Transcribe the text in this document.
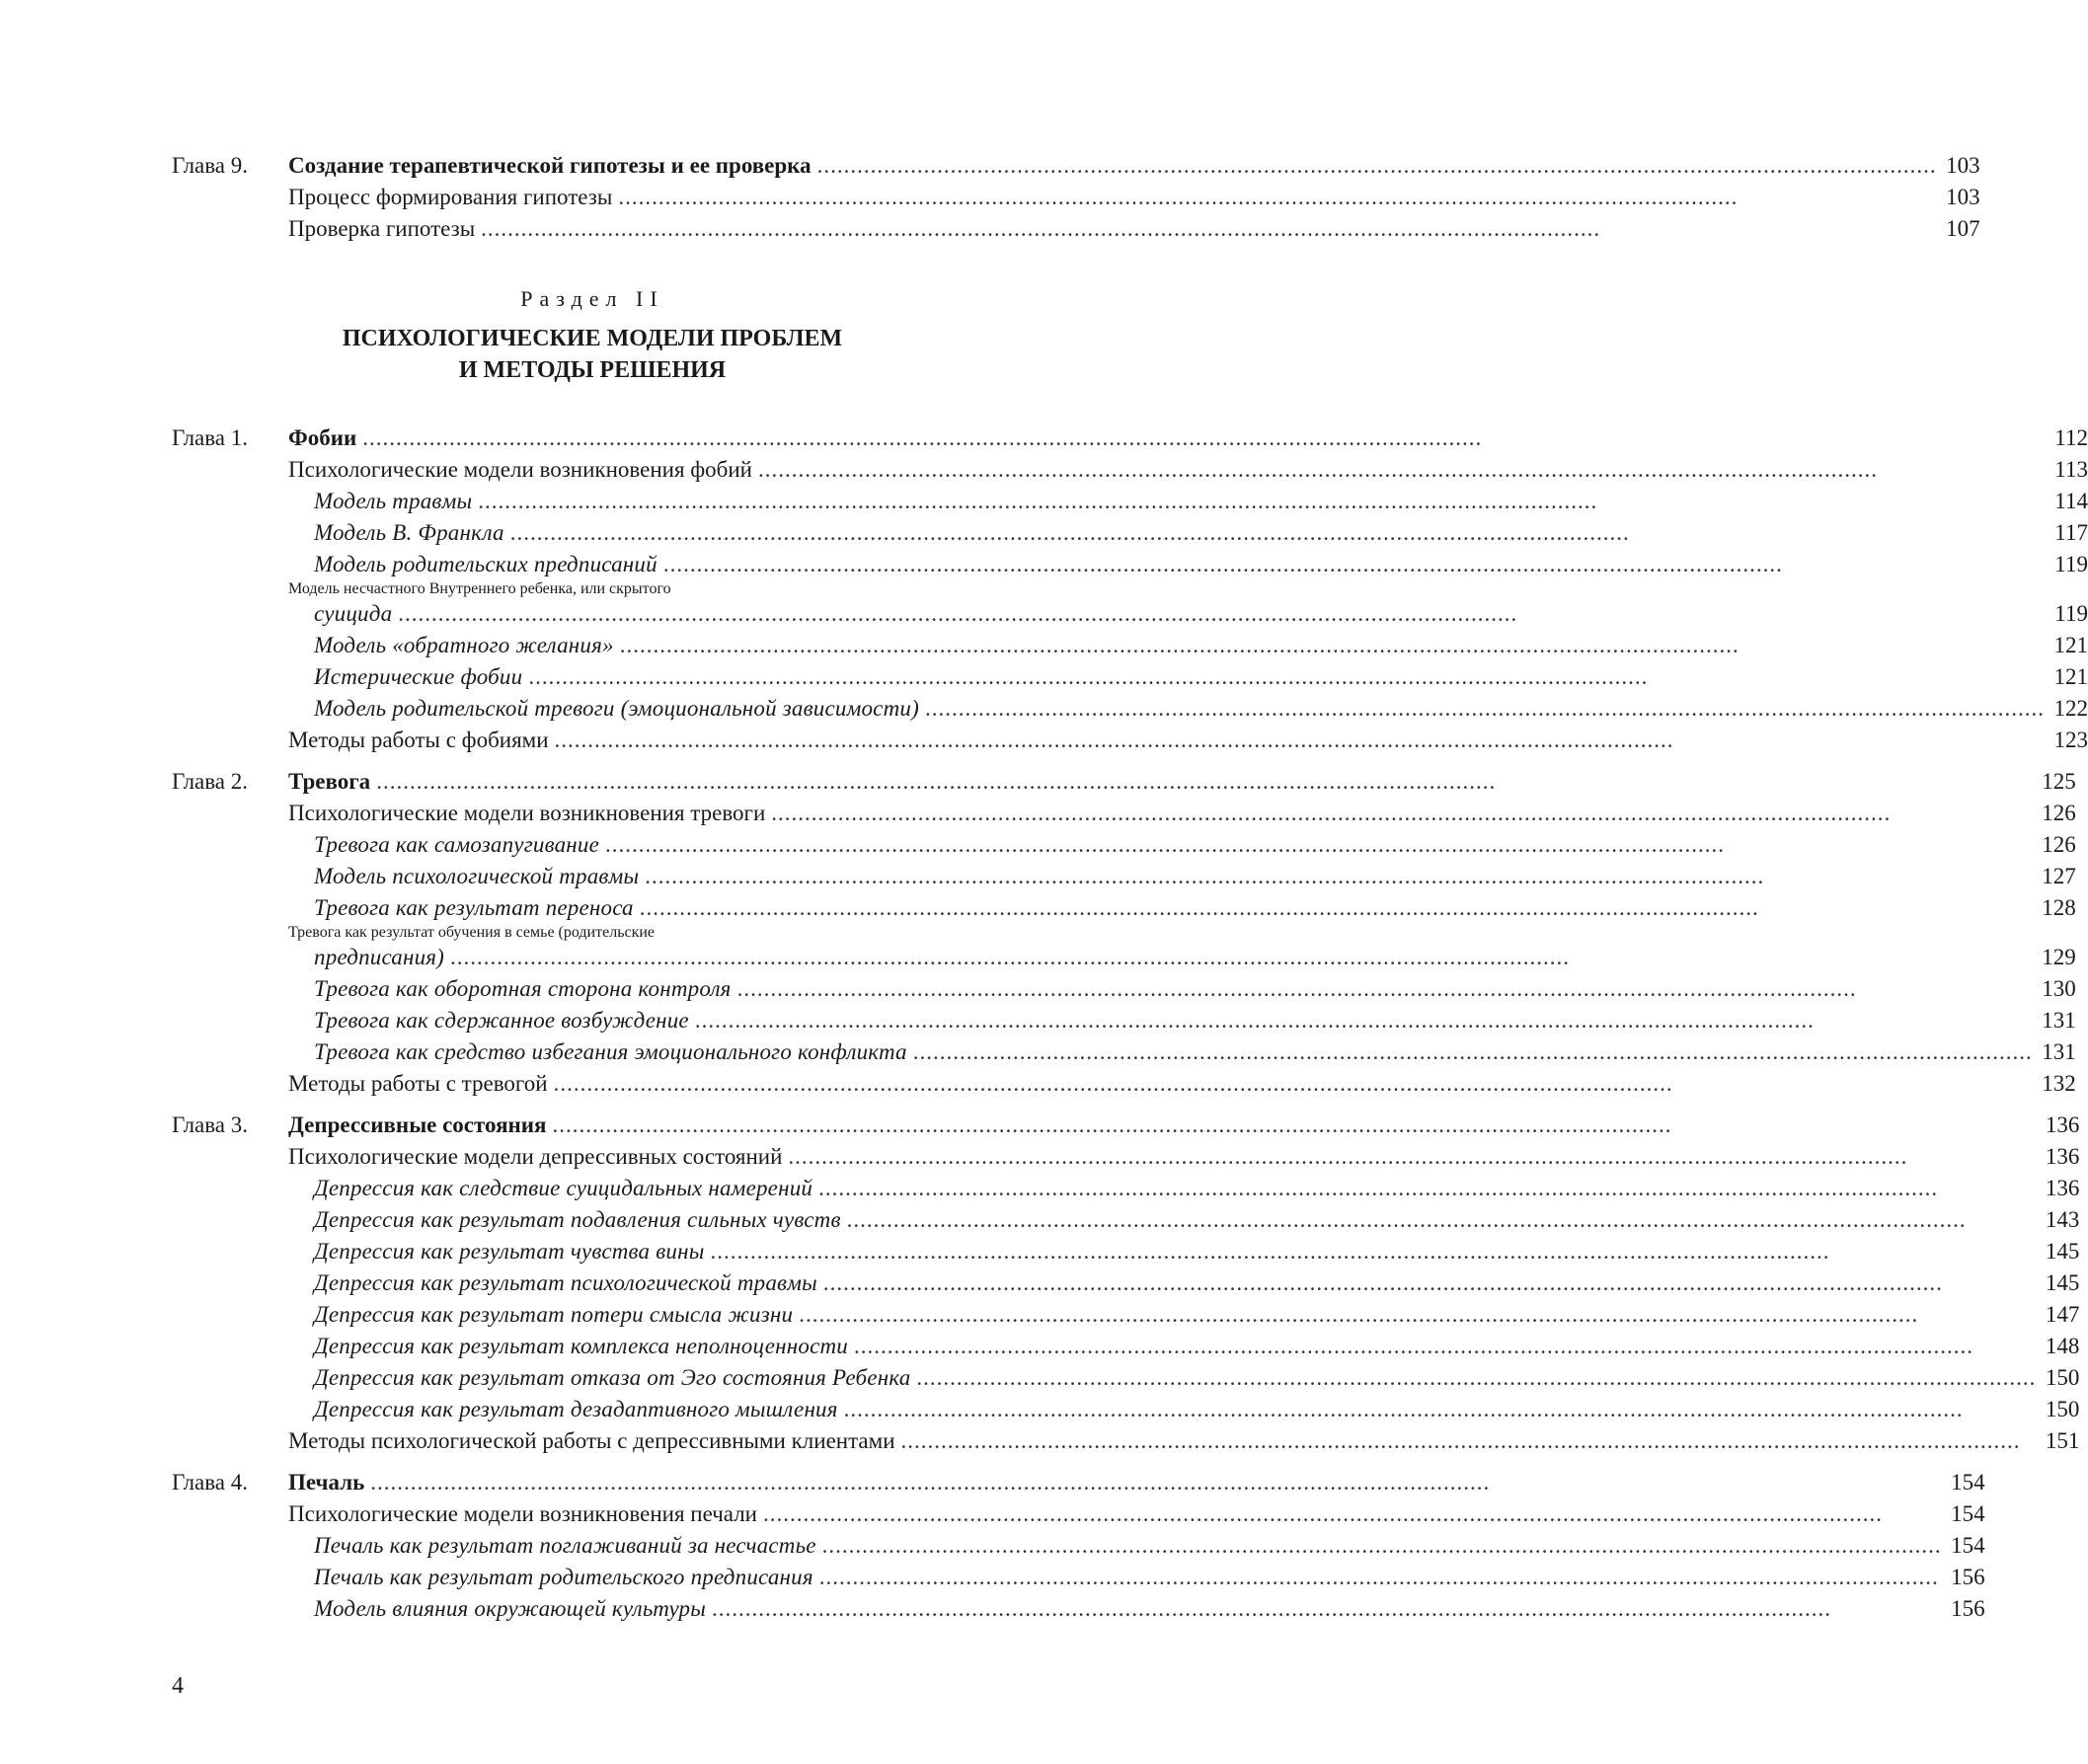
Глава 9.	Создание терапевтической гипотезы и ее проверка .....	103
Процесс формирования гипотезы .....	103
Проверка гипотезы .....	107
Раздел II
ПСИХОЛОГИЧЕСКИЕ МОДЕЛИ ПРОБЛЕМ
И МЕТОДЫ РЕШЕНИЯ
Глава 1.	Фобии .....	112
Психологические модели возникновения фобий .....	113
Модель травмы .....	114
Модель В. Франкла .....	117
Модель родительских предписаний .....	119
Модель несчастного Внутреннего ребенка, или скрытого
суицида .....	119
Модель «обратного желания» .....	121
Истерические фобии .....	121
Модель родительской тревоги (эмоциональной зависимости) .....	122
Методы работы с фобиями .....	123
Глава 2.	Тревога .....	125
Психологические модели возникновения тревоги .....	126
Тревога как самозапугивание .....	126
Модель психологической травмы .....	127
Тревога как результат переноса .....	128
Тревога как результат обучения в семье (родительские
предписания) .....	129
Тревога как оборотная сторона контроля .....	130
Тревога как сдержанное возбуждение .....	131
Тревога как средство избегания эмоционального конфликта .....	131
Методы работы с тревогой .....	132
Глава 3.	Депрессивные состояния .....	136
Психологические модели депрессивных состояний .....	136
Депрессия как следствие суицидальных намерений .....	136
Депрессия как результат подавления сильных чувств .....	143
Депрессия как результат чувства вины .....	145
Депрессия как результат психологической травмы .....	145
Депрессия как результат потери смысла жизни .....	147
Депрессия как результат комплекса неполноценности .....	148
Депрессия как результат отказа от Эго состояния Ребенка .....	150
Депрессия как результат дезадаптивного мышления .....	150
Методы психологической работы с депрессивными клиентами .....	151
Глава 4.	Печаль .....	154
Психологические модели возникновения печали .....	154
Печаль как результат поглаживаний за несчастье .....	154
Печаль как результат родительского предписания .....	156
Модель влияния окружающей культуры .....	156
4
